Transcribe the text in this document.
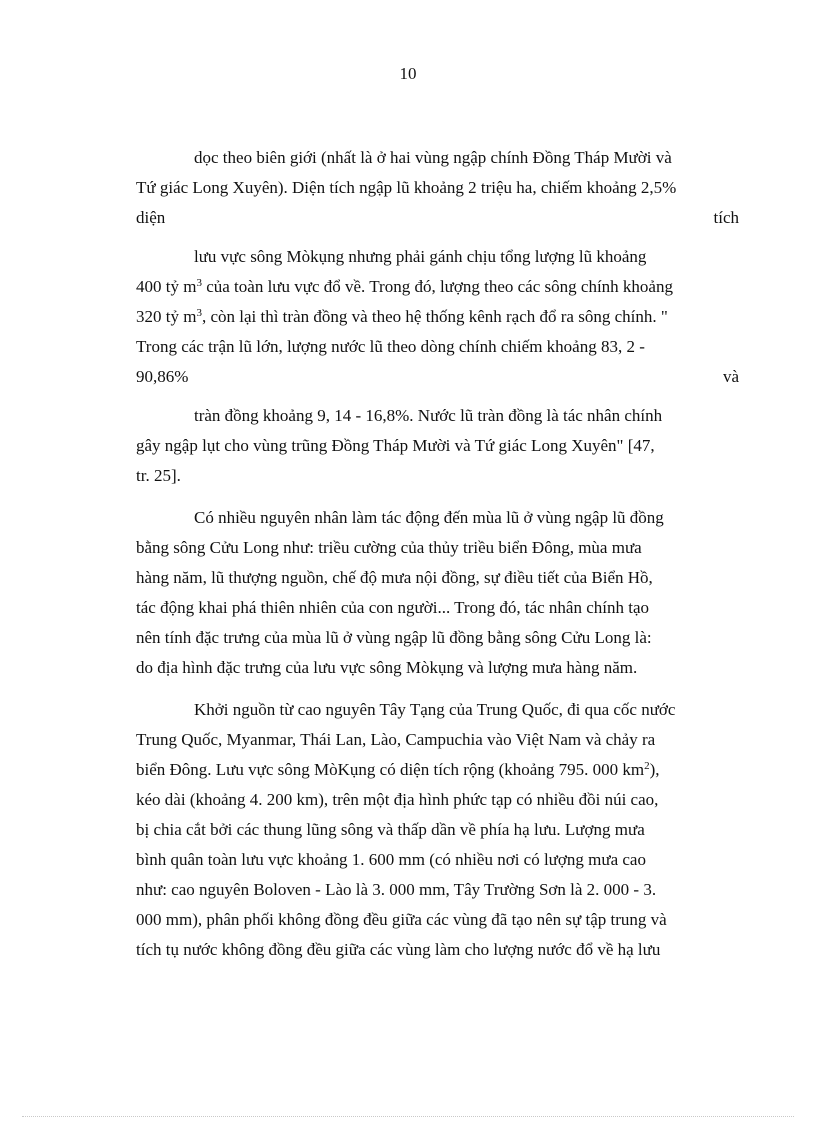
10
dọc theo biên giới (nhất là ở hai vùng ngập chính Đồng Tháp Mười và
Tứ giác Long Xuyên). Diện tích ngập lũ khoảng 2 triệu ha, chiếm khoảng 2,5%
diện	tích
lưu vực sông Mòkụng nhưng phải gánh chịu tổng lượng lũ khoảng
400 tỷ $m^3$ của toàn lưu vực đổ về. Trong đó, lượng theo các sông chính khoảng
320 tỷ $m^3$, còn lại thì tràn đồng và theo hệ thống kênh rạch đổ ra sông chính. "
Trong các trận lũ lớn, lượng nước lũ theo dòng chính chiếm khoảng 83, 2 -
90,86%	và
tràn đồng khoảng 9, 14 - 16,8%. Nước lũ tràn đồng là tác nhân chính
gây ngập lụt cho vùng trũng Đồng Tháp Mười và Tứ giác Long Xuyên" [47,
tr. 25].
Có nhiều nguyên nhân làm tác động đến mùa lũ ở vùng ngập lũ đồng
bằng sông Cửu Long như: triều cường của thủy triều biển Đông, mùa mưa
hàng năm, lũ thượng nguồn, chế độ mưa nội đồng, sự điều tiết của Biển Hồ,
tác động khai phá thiên nhiên của con người... Trong đó, tác nhân chính tạo
nên tính đặc trưng của mùa lũ ở vùng ngập lũ đồng bằng sông Cửu Long là:
do địa hình đặc trưng của lưu vực sông Mòkụng và lượng mưa hàng năm.
Khởi nguồn từ cao nguyên Tây Tạng của Trung Quốc, đi qua cốc nước
Trung Quốc, Myanmar, Thái Lan, Lào, Campuchia vào Việt Nam và chảy ra
biển Đông. Lưu vực sông MòKụng có diện tích rộng (khoảng 795. 000 $km^2$),
kéo dài (khoảng 4. 200 km), trên một địa hình phức tạp có nhiều đồi núi cao,
bị chia cắt bởi các thung lũng sông và thấp dần về phía hạ lưu. Lượng mưa
bình quân toàn lưu vực khoảng 1. 600 mm (có nhiều nơi có lượng mưa cao
như: cao nguyên Boloven - Lào là 3. 000 mm, Tây Trường Sơn là 2. 000 - 3.
000 mm), phân phối không đồng đều giữa các vùng đã tạo nên sự tập trung và
tích tụ nước không đồng đều giữa các vùng làm cho lượng nước đổ về hạ lưu
